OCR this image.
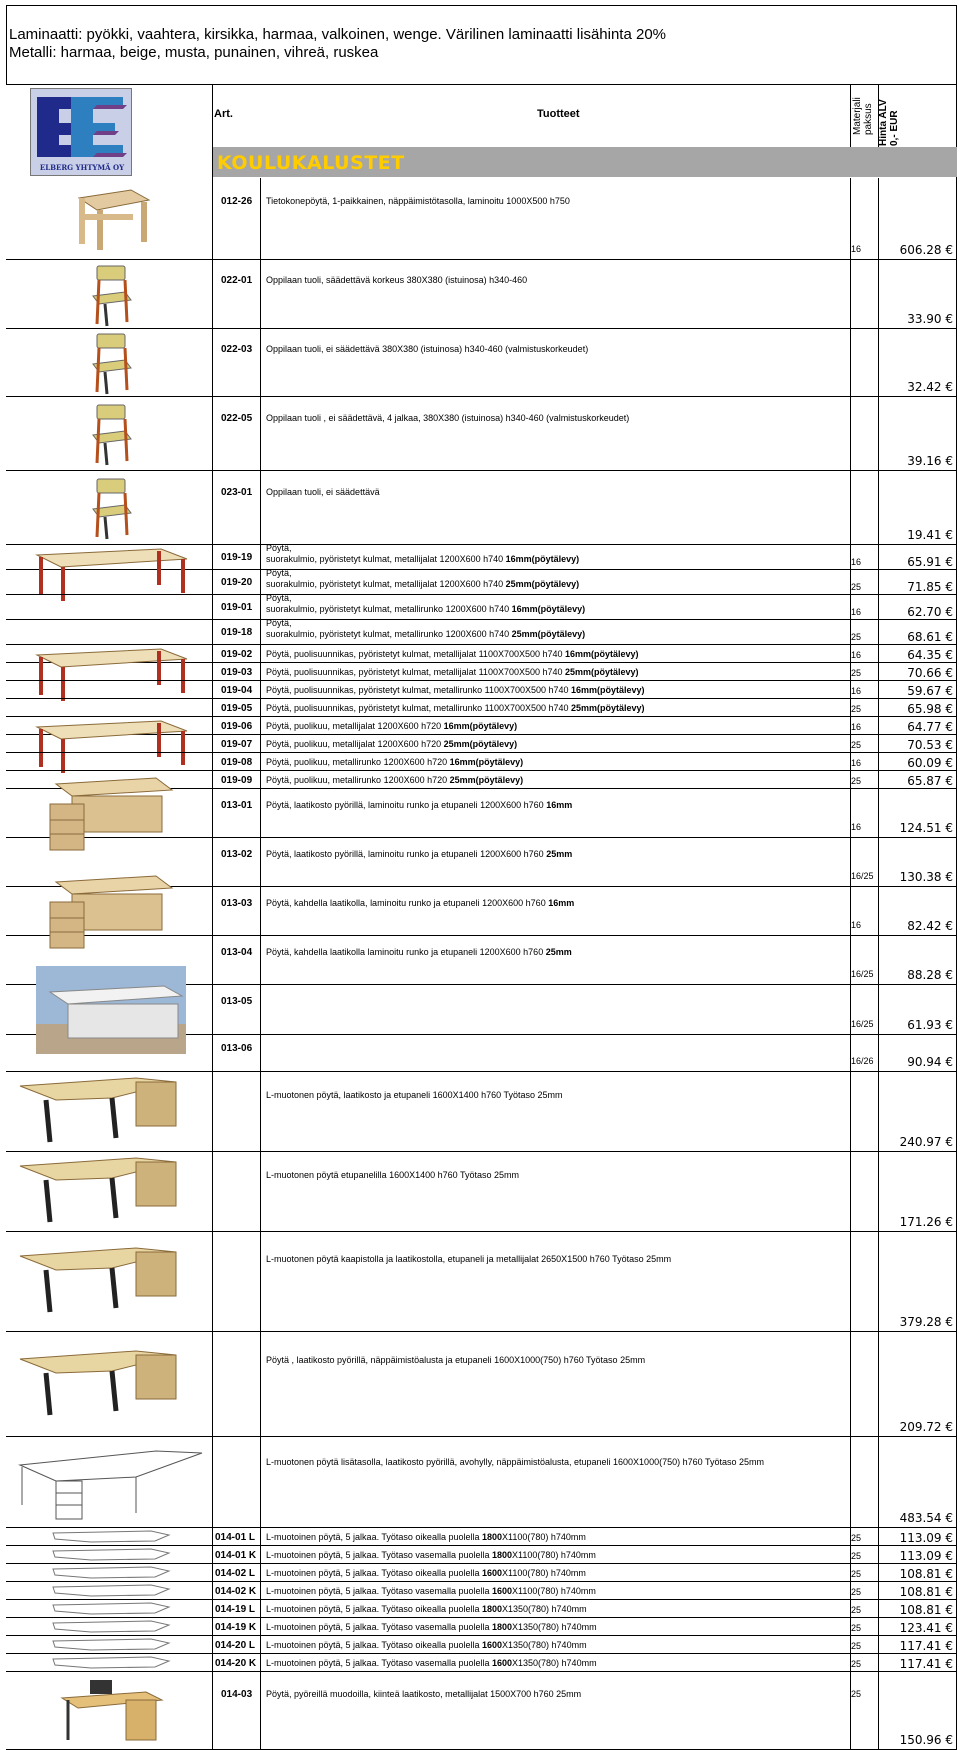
Laminaatti: pyökki, vaahtera, kirsikka, harmaa, valkoinen, wenge. Värilinen laminaatti lisähinta 20%
Metalli: harmaa, beige, musta, punainen, vihreä, ruskea
ELBERG YHTYMÄ OY
Art.	Tuotteet	Materjali paksus Hinta ALV 0,- EUR
KOULUKALUSTET
012-26 Tietokonepöytä, 1-paikkainen, näppäimistötasolla, laminoitu 1000X500 h750
16	606.28 €
022-01 Oppilaan tuoli, säädettävä korkeus 380X380 (istuinosa) h340-460
33.90 €
022-03 Oppilaan tuoli, ei säädettävä 380X380 (istuinosa) h340-460 (valmistuskorkeudet)
32.42 €
022-05 Oppilaan tuoli , ei säädettävä, 4 jalkaa, 380X380 (istuinosa) h340-460 (valmistuskorkeudet)
39.16 €
023-01 Oppilaan tuoli, ei säädettävä
19.41 €
019-19
Pöytä,
suorakulmio, pyöristetyt kulmat, metallijalat 1200X600 h740 16mm(pöytälevy)	16	65.91 €
019-20
Pöytä,
suorakulmio, pyöristetyt kulmat, metallijalat 1200X600 h740 25mm(pöytälevy)	25	71.85 €
019-01
Pöytä,
suorakulmio, pyöristetyt kulmat, metallirunko 1200X600 h740 16mm(pöytälevy)	16	62.70 €
019-18
Pöytä,
suorakulmio, pyöristetyt kulmat, metallirunko 1200X600 h740 25mm(pöytälevy)	25	68.61 €
019-02 Pöytä, puolisuunnikas, pyöristetyt kulmat, metallijalat 1100X700X500 h740 16mm(pöytälevy)	16	64.35 €
019-03 Pöytä, puolisuunnikas, pyöristetyt kulmat, metallijalat 1100X700X500 h740 25mm(pöytälevy)	25	70.66 €
019-04 Pöytä, puolisuunnikas, pyöristetyt kulmat, metallirunko 1100X700X500 h740 16mm(pöytälevy)	16	59.67 €
019-05 Pöytä, puolisuunnikas, pyöristetyt kulmat, metallirunko 1100X700X500 h740 25mm(pöytälevy)	25	65.98 €
019-06 Pöytä, puolikuu, metallijalat 1200X600 h720 16mm(pöytälevy)	16	64.77 €
019-07 Pöytä, puolikuu, metallijalat 1200X600 h720 25mm(pöytälevy)	25	70.53 €
019-08 Pöytä, puolikuu, metallirunko 1200X600 h720 16mm(pöytälevy)	16	60.09 €
019-09 Pöytä, puolikuu, metallirunko 1200X600 h720 25mm(pöytälevy)	25	65.87 €
013-01 Pöytä, laatikosto pyörillä, laminoitu runko ja etupaneli 1200X600 h760 16mm
16	124.51 €
013-02 Pöytä, laatikosto pyörillä, laminoitu runko ja etupaneli 1200X600 h760 25mm
16/25 130.38 €
013-03 Pöytä, kahdella laatikolla, laminoitu runko ja etupaneli 1200X600 h760 16mm
16	82.42 €
013-04 Pöytä, kahdella laatikolla laminoitu runko ja etupaneli 1200X600 h760 25mm
16/25	88.28 €
013-05
16/25	61.93 €
013-06
16/26	90.94 €
L-muotonen pöytä, laatikosto ja etupaneli 1600X1400 h760 Työtaso 25mm
240.97 €
L-muotonen pöytä etupanelilla 1600X1400 h760 Työtaso 25mm
171.26 €
L-muotonen pöytä kaapistolla ja laatikostolla, etupaneli ja metallijalat 2650X1500 h760 Työtaso 25mm
379.28 €
Pöytä , laatikosto pyörillä, näppäimistöalusta ja etupaneli 1600X1000(750) h760 Työtaso 25mm
209.72 €
L-muotonen pöytä lisätasolla, laatikosto pyörillä, avohylly, näppäimistöalusta, etupaneli 1600X1000(750) h760 Työtaso 25mm
483.54 €
014-01 L L-muotoinen pöytä, 5 jalkaa. Työtaso oikealla puolella 1800X1100(780) h740mm	25	113.09 €
014-01 K L-muotoinen pöytä, 5 jalkaa. Työtaso vasemalla puolella 1800X1100(780) h740mm	25	113.09 €
014-02 L L-muotoinen pöytä, 5 jalkaa. Työtaso oikealla puolella 1600X1100(780) h740mm	25	108.81 €
014-02 K L-muotoinen pöytä, 5 jalkaa. Työtaso vasemalla puolella 1600X1100(780) h740mm	25	108.81 €
014-19 L L-muotoinen pöytä, 5 jalkaa. Työtaso oikealla puolella 1800X1350(780) h740mm	25	108.81 €
014-19 K L-muotoinen pöytä, 5 jalkaa. Työtaso vasemalla puolella 1800X1350(780) h740mm	25	123.41 €
014-20 L L-muotoinen pöytä, 5 jalkaa. Työtaso oikealla puolella 1600X1350(780) h740mm	25	117.41 €
014-20 K L-muotoinen pöytä, 5 jalkaa. Työtaso vasemalla puolella 1600X1350(780) h740mm	25	117.41 €
014-03 Pöytä, pyöreillä muodoilla, kiinteä laatikosto, metallijalat 1500X700 h760 25mm	25
150.96 €
